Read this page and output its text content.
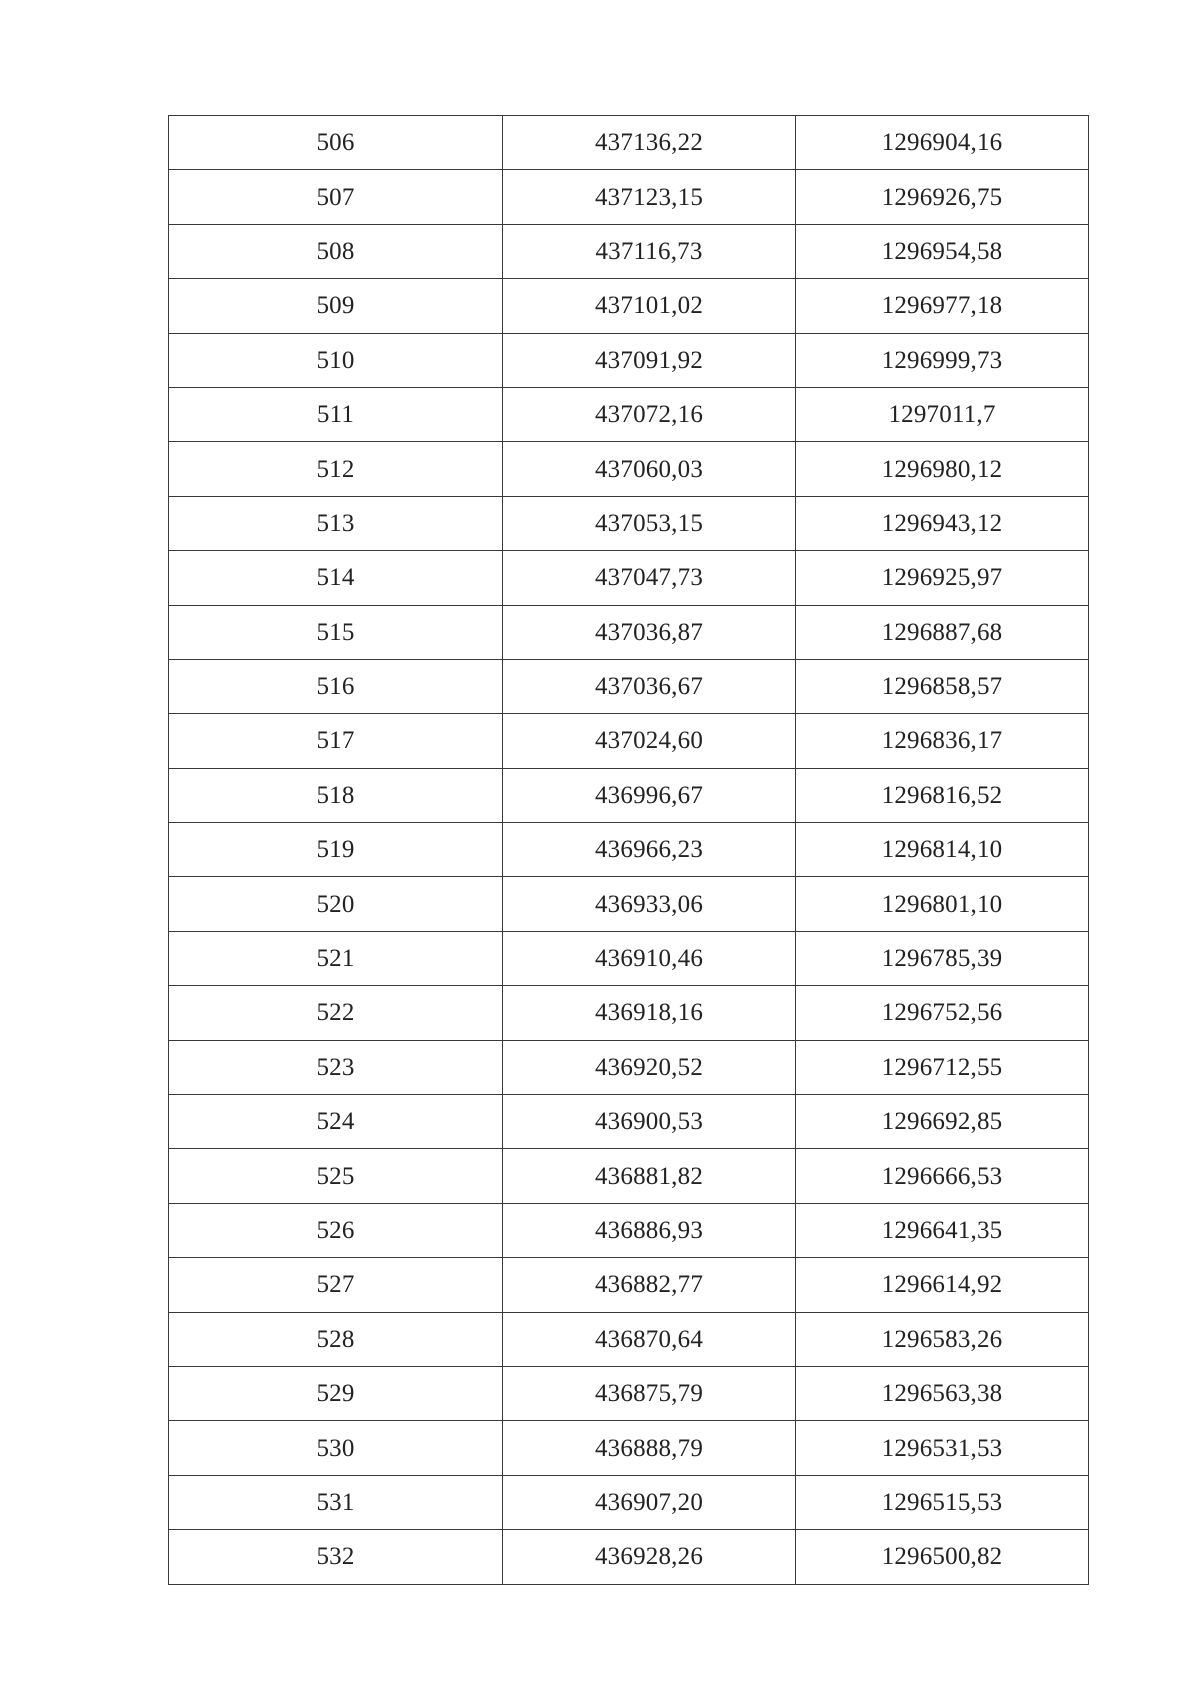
506	437136,22	1296904,16
507	437123,15	1296926,75
508	437116,73	1296954,58
509	437101,02	1296977,18
510	437091,92	1296999,73
511	437072,16	1297011,7
512	437060,03	1296980,12
513	437053,15	1296943,12
514	437047,73	1296925,97
515	437036,87	1296887,68
516	437036,67	1296858,57
517	437024,60	1296836,17
518	436996,67	1296816,52
519	436966,23	1296814,10
520	436933,06	1296801,10
521	436910,46	1296785,39
522	436918,16	1296752,56
523	436920,52	1296712,55
524	436900,53	1296692,85
525	436881,82	1296666,53
526	436886,93	1296641,35
527	436882,77	1296614,92
528	436870,64	1296583,26
529	436875,79	1296563,38
530	436888,79	1296531,53
531	436907,20	1296515,53
532	436928,26	1296500,82
